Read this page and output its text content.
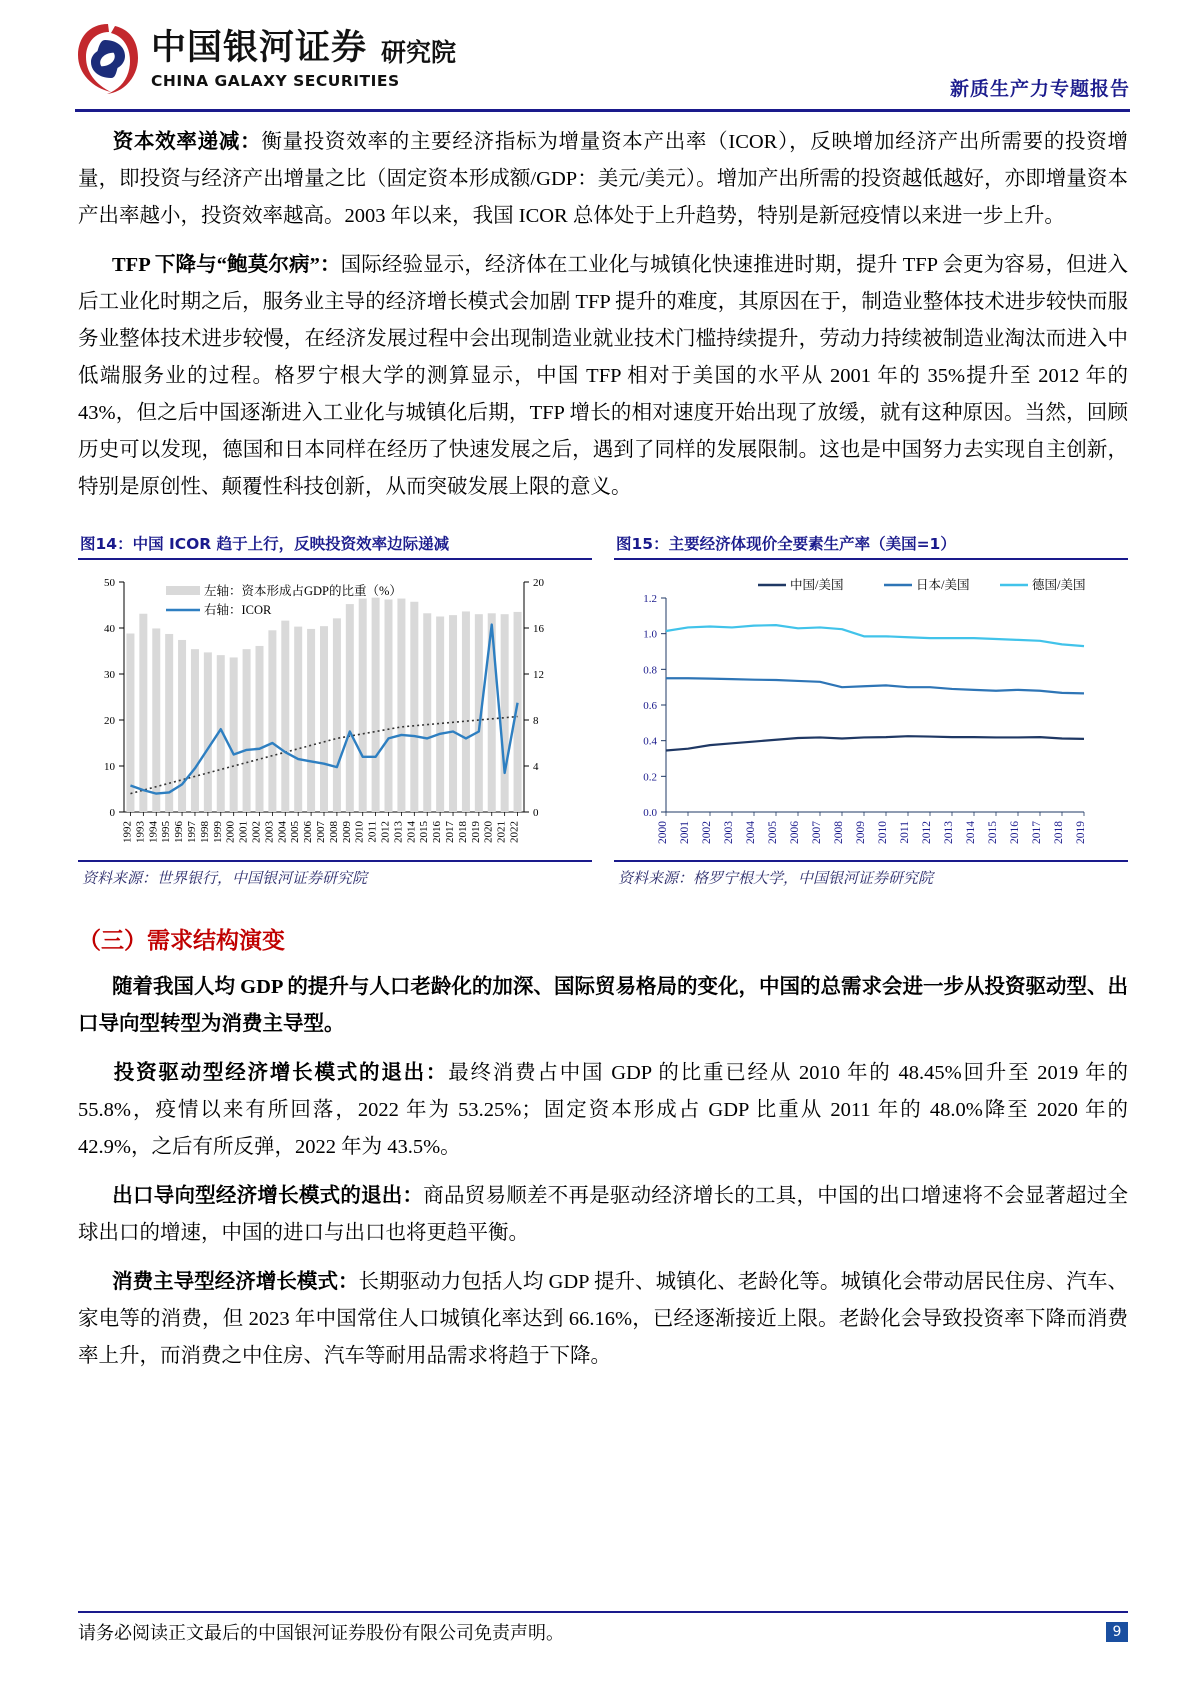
中国银河证券 研究院
CHINA GALAXY SECURITIES	新质生产力专题报告

资本效率递减：衡量投资效率的主要经济指标为增量资本产出率（ICOR），反映增加经济产出所需要的投资增量，即投资与经济产出增量之比（固定资本形成额/GDP：美元/美元）。增加产出所需的投资越低越好，亦即增量资本产出率越小，投资效率越高。2003 年以来，我国 ICOR 总体处于上升趋势，特别是新冠疫情以来进一步上升。

TFP 下降与“鲍莫尔病”：国际经验显示，经济体在工业化与城镇化快速推进时期，提升 TFP 会更为容易，但进入后工业化时期之后，服务业主导的经济增长模式会加剧 TFP 提升的难度，其原因在于，制造业整体技术进步较快而服务业整体技术进步较慢，在经济发展过程中会出现制造业就业技术门槛持续提升，劳动力持续被制造业淘汰而进入中低端服务业的过程。格罗宁根大学的测算显示，中国 TFP 相对于美国的水平从 2001 年的 35%提升至 2012 年的 43%，但之后中国逐渐进入工业化与城镇化后期，TFP 增长的相对速度开始出现了放缓，就有这种原因。当然，回顾历史可以发现，德国和日本同样在经历了快速发展之后，遇到了同样的发展限制。这也是中国努力去实现自主创新，特别是原创性、颠覆性科技创新，从而突破发展上限的意义。

图14：中国 ICOR 趋于上行，反映投资效率边际递减
0
10
20
30
40
50
0
4
8
12
16
20
1992 1993 1994 1995 1996 1997 1998 1999 2000 2001 2002 2003 2004 2005 2006 2007 2008 2009 2010 2011 2012 2013 2014 2015 2016 2017 2018 2019 2020 2021 2022
左轴：资本形成占GDP的比重（%）
右轴：ICOR
资料来源：世界银行，中国银河证券研究院
图15：主要经济体现价全要素生产率（美国=1）
0.0
0.2
0.4
0.6
0.8
1.0
1.2
2000 2001 2002 2003 2004 2005 2006 2007 2008 2009 2010 2011 2012 2013 2014 2015 2016 2017 2018 2019
中国/美国	日本/美国	德国/美国
资料来源：格罗宁根大学，中国银河证券研究院
（三）需求结构演变

随着我国人均 GDP 的提升与人口老龄化的加深、国际贸易格局的变化，中国的总需求会进一步从投资驱动型、出口导向型转型为消费主导型。

投资驱动型经济增长模式的退出：最终消费占中国 GDP 的比重已经从 2010 年的 48.45%回升至 2019 年的 55.8%，疫情以来有所回落，2022 年为 53.25%；固定资本形成占 GDP 比重从 2011 年的 48.0%降至 2020 年的 42.9%，之后有所反弹，2022 年为 43.5%。

出口导向型经济增长模式的退出：商品贸易顺差不再是驱动经济增长的工具，中国的出口增速将不会显著超过全球出口的增速，中国的进口与出口也将更趋平衡。

消费主导型经济增长模式：长期驱动力包括人均 GDP 提升、城镇化、老龄化等。城镇化会带动居民住房、汽车、家电等的消费，但 2023 年中国常住人口城镇化率达到 66.16%，已经逐渐接近上限。老龄化会导致投资率下降而消费率上升，而消费之中住房、汽车等耐用品需求将趋于下降。

请务必阅读正文最后的中国银河证券股份有限公司免责声明。	9
